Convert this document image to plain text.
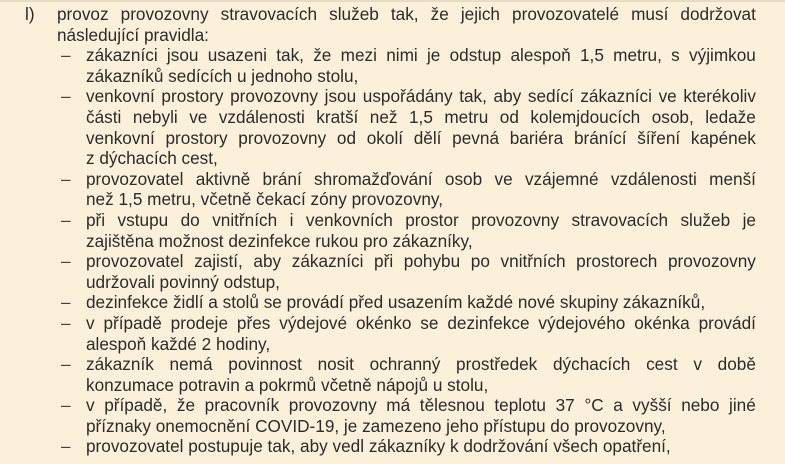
l) provoz provozovny stravovacích služeb tak, že jejich provozovatelé musí dodržovat
následující pravidla:
– zákazníci jsou usazeni tak, že mezi nimi je odstup alespoň 1,5 metru, s výjimkou
zákazníků sedících u jednoho stolu,
– venkovní prostory provozovny jsou uspořádány tak, aby sedící zákazníci ve kterékoliv
části nebyli ve vzdálenosti kratší než 1,5 metru od kolemjdoucích osob, ledaže
venkovní prostory provozovny od okolí dělí pevná bariéra bránící šíření kapének
z dýchacích cest,
– provozovatel aktivně brání shromažďování osob ve vzájemné vzdálenosti menší
než 1,5 metru, včetně čekací zóny provozovny,
– při vstupu do vnitřních i venkovních prostor provozovny stravovacích služeb je
zajištěna možnost dezinfekce rukou pro zákazníky,
– provozovatel zajistí, aby zákazníci při pohybu po vnitřních prostorech provozovny
udržovali povinný odstup,
– dezinfekce židlí a stolů se provádí před usazením každé nové skupiny zákazníků,
– v případě prodeje přes výdejové okénko se dezinfekce výdejového okénka provádí
alespoň každé 2 hodiny,
– zákazník nemá povinnost nosit ochranný prostředek dýchacích cest v době
konzumace potravin a pokrmů včetně nápojů u stolu,
– v případě, že pracovník provozovny má tělesnou teplotu 37 °C a vyšší nebo jiné
příznaky onemocnění COVID-19, je zamezeno jeho přístupu do provozovny,
– provozovatel postupuje tak, aby vedl zákazníky k dodržování všech opatření,
